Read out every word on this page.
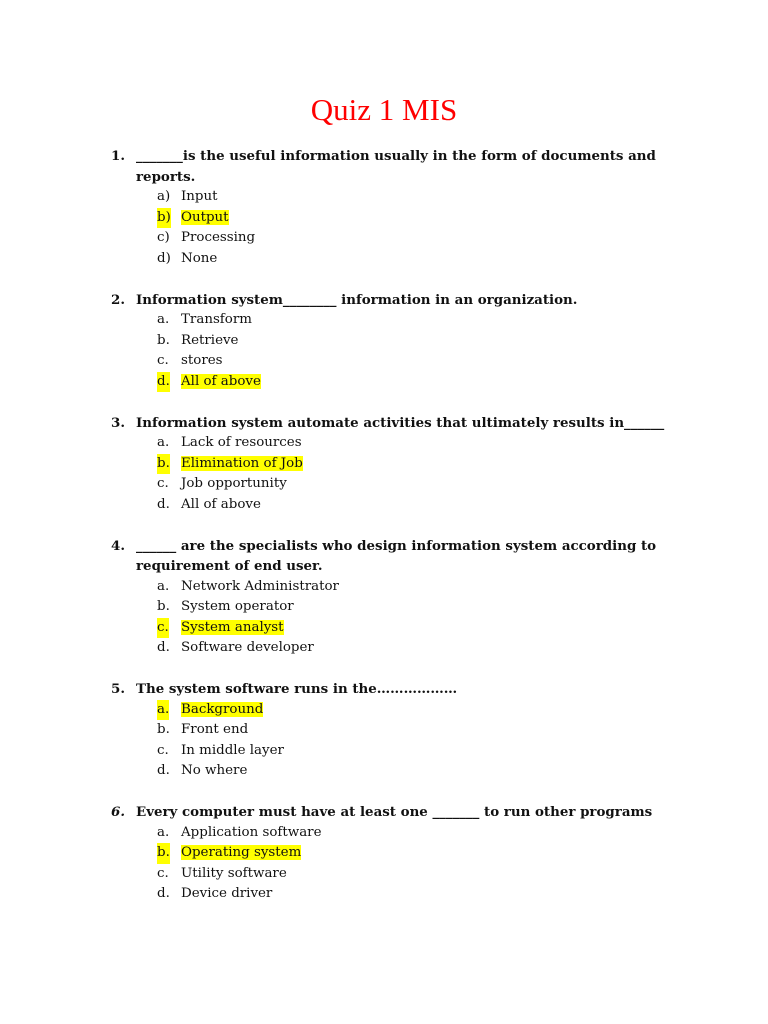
Quiz 1 MIS
1. _______is the useful information usually in the form of documents and reports.
a) Input
b) Output
c) Processing
d) None
2. Information system________ information in an organization.
a. Transform
b. Retrieve
c. stores
d. All of above
3. Information system automate activities that ultimately results in______
a. Lack of resources
b. Elimination of Job
c. Job opportunity
d. All of above
4. ______ are the specialists who design information system according to requirement of end user.
a. Network Administrator
b. System operator
c. System analyst
d. Software developer
5. The system software runs in the………………
a. Background
b. Front end
c. In middle layer
d. No where
6. Every computer must have at least one _______ to run other programs
a. Application software
b. Operating system
c. Utility software
d. Device driver
